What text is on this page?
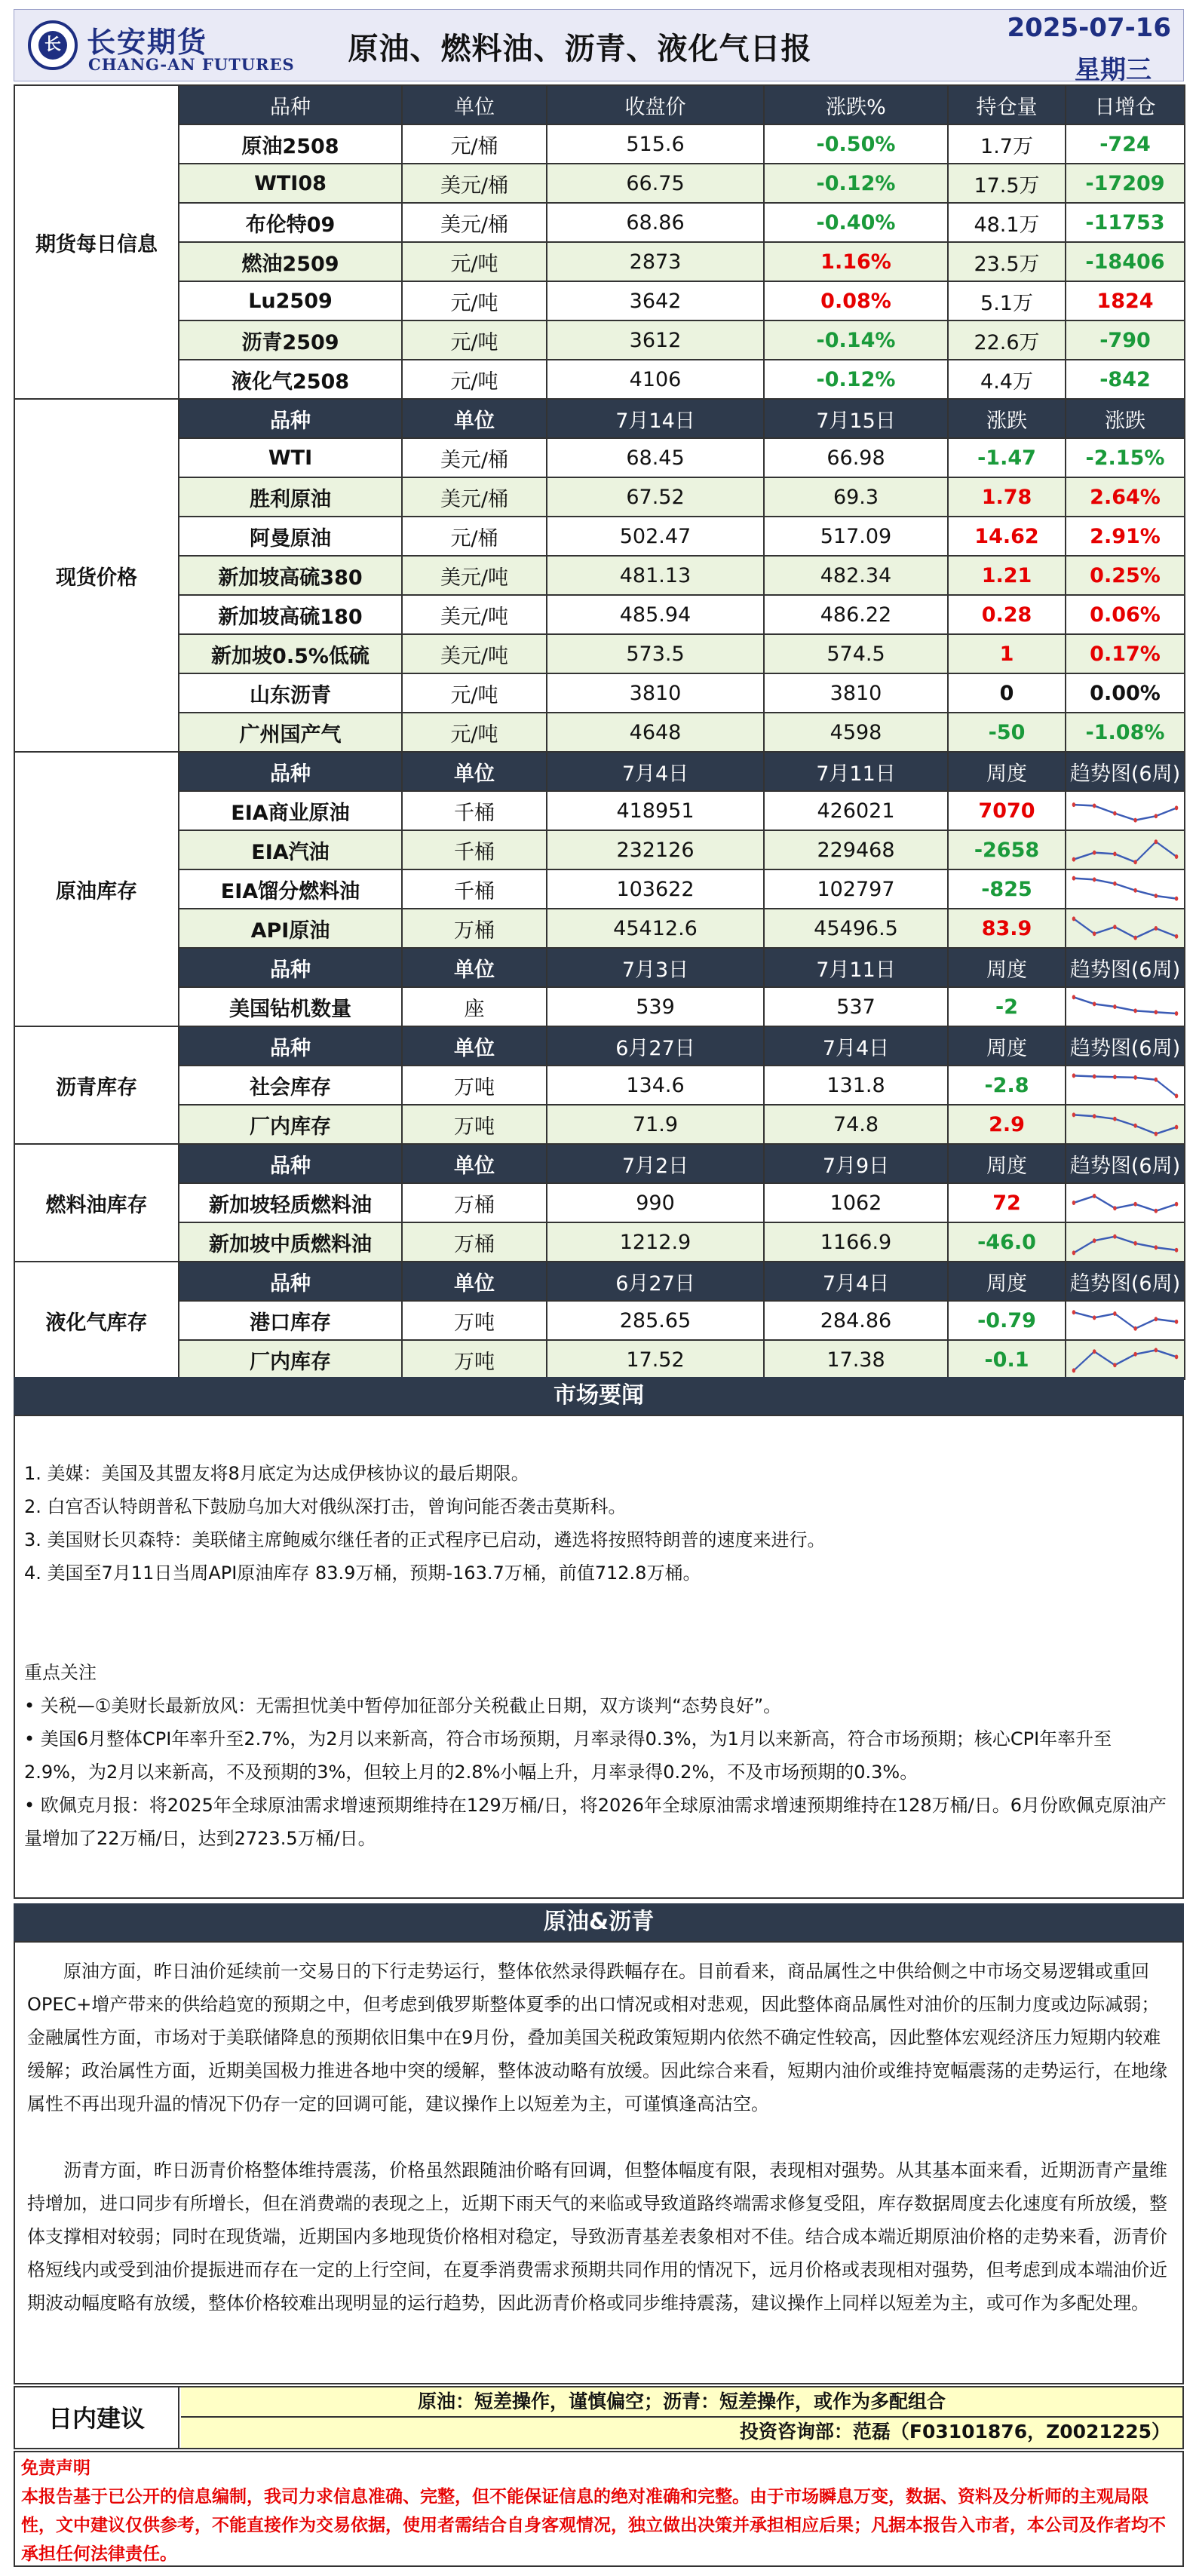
长 长安期货
CHANG-AN FUTURES	原油、燃料油、沥青、液化气日报
2025-07-16
星期三
期货每日信息	品种	单位	收盘价	涨跌%	持仓量	日增仓
	原油2508	元/桶	515.6	-0.50%	1.7万	-724
	WTI08	美元/桶	66.75	-0.12%	17.5万	-17209
	布伦特09	美元/桶	68.86	-0.40%	48.1万	-11753
	燃油2509	元/吨	2873	1.16%	23.5万	-18406
	Lu2509	元/吨	3642	0.08%	5.1万	1824
	沥青2509	元/吨	3612	-0.14%	22.6万	-790
	液化气2508	元/吨	4106	-0.12%	4.4万	-842
现货价格	品种	单位	7月14日	7月15日	涨跌	涨跌
	WTI	美元/桶	68.45	66.98	-1.47	-2.15%
	胜利原油	美元/桶	67.52	69.3	1.78	2.64%
	阿曼原油	元/桶	502.47	517.09	14.62	2.91%
	新加坡高硫380	美元/吨	481.13	482.34	1.21	0.25%
	新加坡高硫180	美元/吨	485.94	486.22	0.28	0.06%
	新加坡0.5%低硫	美元/吨	573.5	574.5	1	0.17%
	山东沥青	元/吨	3810	3810	0	0.00%
	广州国产气	元/吨	4648	4598	-50	-1.08%
原油库存	品种	单位	7月4日	7月11日	周度	趋势图(6周)
	EIA商业原油	千桶	418951	426021	7070	

	EIA汽油	千桶	232126	229468	-2658	

	EIA馏分燃料油	千桶	103622	102797	-825	

	API原油	万桶	45412.6	45496.5	83.9	

	品种	单位	7月3日	7月11日	周度	趋势图(6周)
	美国钻机数量	座	539	537	-2	

沥青库存	品种	单位	6月27日	7月4日	周度	趋势图(6周)
	社会库存	万吨	134.6	131.8	-2.8	

	厂内库存	万吨	71.9	74.8	2.9	

燃料油库存	品种	单位	7月2日	7月9日	周度	趋势图(6周)
	新加坡轻质燃料油	万桶	990	1062	72	

	新加坡中质燃料油	万桶	1212.9	1166.9	-46.0	

液化气库存	品种	单位	6月27日	7月4日	周度	趋势图(6周)
	港口库存	万吨	285.65	284.86	-0.79	

	厂内库存	万吨	17.52	17.38	-0.1	
市场要闻

1. 美媒：美国及其盟友将8月底定为达成伊核协议的最后期限。

2. 白宫否认特朗普私下鼓励乌加大对俄纵深打击，曾询问能否袭击莫斯科。

3. 美国财长贝森特：美联储主席鲍威尔继任者的正式程序已启动，遴选将按照特朗普的速度来进行。

4. 美国至7月11日当周API原油库存 83.9万桶，预期-163.7万桶，前值712.8万桶。

重点关注

• 关税—①美财长最新放风：无需担忧美中暂停加征部分关税截止日期，双方谈判“态势良好”。

• 美国6月整体CPI年率升至2.7%，为2月以来新高，符合市场预期，月率录得0.3%，为1月以来新高，符合市场预期；核心CPI年率升至2.9%，为2月以来新高，不及预期的3%，但较上月的2.8%小幅上升，月率录得0.2%，不及市场预期的0.3%。

• 欧佩克月报：将2025年全球原油需求增速预期维持在129万桶/日，将2026年全球原油需求增速预期维持在128万桶/日。6月份欧佩克原油产量增加了22万桶/日，达到2723.5万桶/日。

原油&沥青

原油方面，昨日油价延续前一交易日的下行走势运行，整体依然录得跌幅存在。目前看来，商品属性之中供给侧之中市场交易逻辑或重回OPEC+增产带来的供给趋宽的预期之中，但考虑到俄罗斯整体夏季的出口情况或相对悲观，因此整体商品属性对油价的压制力度或边际减弱；金融属性方面，市场对于美联储降息的预期依旧集中在9月份，叠加美国关税政策短期内依然不确定性较高，因此整体宏观经济压力短期内较难缓解；政治属性方面，近期美国极力推进各地中突的缓解，整体波动略有放缓。因此综合来看，短期内油价或维持宽幅震荡的走势运行，在地缘属性不再出现升温的情况下仍存一定的回调可能，建议操作上以短差为主，可谨慎逢高沽空。

沥青方面，昨日沥青价格整体维持震荡，价格虽然跟随油价略有回调，但整体幅度有限，表现相对强势。从其基本面来看，近期沥青产量维持增加，进口同步有所增长，但在消费端的表现之上，近期下雨天气的来临或导致道路终端需求修复受阻，库存数据周度去化速度有所放缓，整体支撑相对较弱；同时在现货端，近期国内多地现货价格相对稳定，导致沥青基差表象相对不佳。结合成本端近期原油价格的走势来看，沥青价格短线内或受到油价提振进而存在一定的上行空间，在夏季消费需求预期共同作用的情况下，远月价格或表现相对强势，但考虑到成本端油价近期波动幅度略有放缓，整体价格较难出现明显的运行趋势，因此沥青价格或同步维持震荡，建议操作上同样以短差为主，或可作为多配处理。

日内建议
原油：短差操作，谨慎偏空；沥青：短差操作，或作为多配组合
投资咨询部：范磊（F03101876，Z0021225）
免责声明
本报告基于已公开的信息编制，我司力求信息准确、完整，但不能保证信息的绝对准确和完整。由于市场瞬息万变，数据、资料及分析师的主观局限性，文中建议仅供参考，不能直接作为交易依据，使用者需结合自身客观情况，独立做出决策并承担相应后果；凡据本报告入市者，本公司及作者均不承担任何法律责任。
